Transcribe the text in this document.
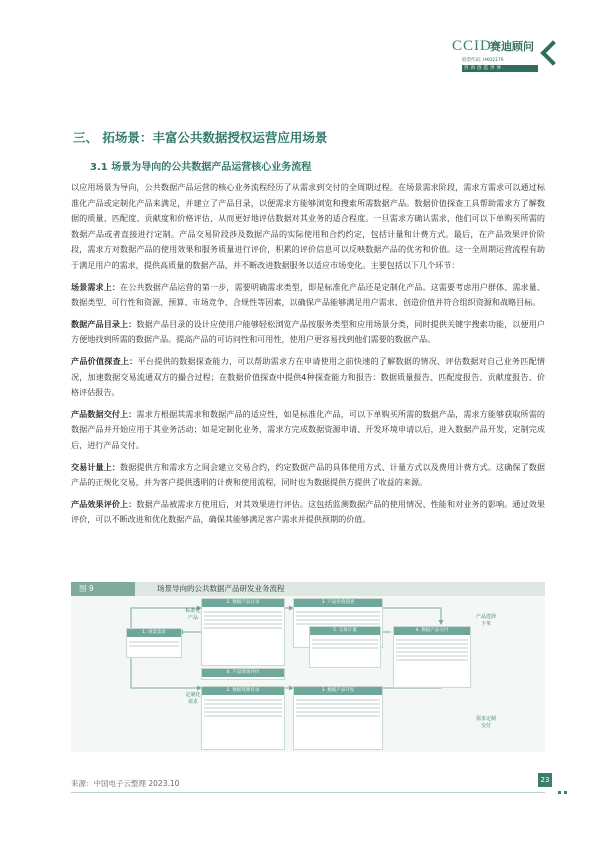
CCID
赛迪顾问
股票代码: HK02176
咨询创造世界
三、 拓场景：丰富公共数据授权运营应用场景
3.1 场景为导向的公共数据产品运营核心业务流程

以应用场景为导向，公共数据产品运营的核心业务流程经历了从需求到交付的全周期过程。在场景需求阶段，需求方需求可以通过标准化产品或定制化产品来满足，并建立了产品目录，以便需求方能够浏览和搜索所需数据产品。数据价值探查工具帮助需求方了解数据的质量、匹配度、贡献度和价格评估，从而更好地评估数据对其业务的适合程度。一旦需求方确认需求，他们可以下单购买所需的数据产品或者直接进行定制。产品交易阶段涉及数据产品的实际使用和合约约定，包括计量和计费方式。最后，在产品效果评价阶段，需求方对数据产品的使用效果和服务质量进行评价，积累的评价信息可以反映数据产品的优劣和价值。这一全周期运营流程有助于满足用户的需求，提供高质量的数据产品，并不断改进数据服务以适应市场变化。主要包括以下几个环节：

场景需求上：在公共数据产品运营的第一步，需要明确需求类型，即是标准化产品还是定制化产品。这需要考虑用户群体、需求量、数据类型、可行性和资源、预算、市场竞争、合规性等因素，以确保产品能够满足用户需求、创造价值并符合组织资源和战略目标。

数据产品目录上：数据产品目录的设计应使用户能够轻松浏览产品按服务类型和应用场景分类，同时提供关键字搜索功能，以便用户方便地找到所需的数据产品。提高产品的可访问性和可用性，使用户更容易找到他们需要的数据产品。

产品价值探查上：平台提供的数据探查能力，可以帮助需求方在申请使用之前快速的了解数据的情况、评估数据对自己业务匹配情况，加速数据交易流通双方的撮合过程；在数据价值探查中提供4种探查能力和报告：数据质量报告、匹配度报告、贡献度报告、价格评估报告。

产品数据交付上：需求方根据其需求和数据产品的适应性，如是标准化产品，可以下单购买所需的数据产品，需求方能够获取所需的数据产品并开始应用于其业务活动；如是定制化业务，需求方完成数据资源申请、开发环境申请以后，进入数据产品开发，定制完成后，进行产品交付。

交易计量上：数据提供方和需求方之间会建立交易合约，约定数据产品的具体使用方式、计量方式以及费用计费方式。这确保了数据产品的正规化交易，并为客户提供透明的计费和使用流程，同时也为数据提供方提供了收益的来源。

产品效果评价上：数据产品被需求方使用后，对其效果进行评估。这包括监测数据产品的使用情况、性能和对业务的影响。通过效果评价，可以不断改进和优化数据产品，确保其能够满足客户需求并提供预期的价值。

图 9	场景导向的公共数据产品研发业务流程
1. 场景需求
2. 数据产品目录	3. 产品价值探查
4. 数据产品交付
5. 交易计量
6. 产品效果评价
2. 数据资源目录	3. 数据产品开发
标准化
产品
定制化
需求
产品选择
下单
需求定制
交付
来源：中国电子云整理 2023.10	23
